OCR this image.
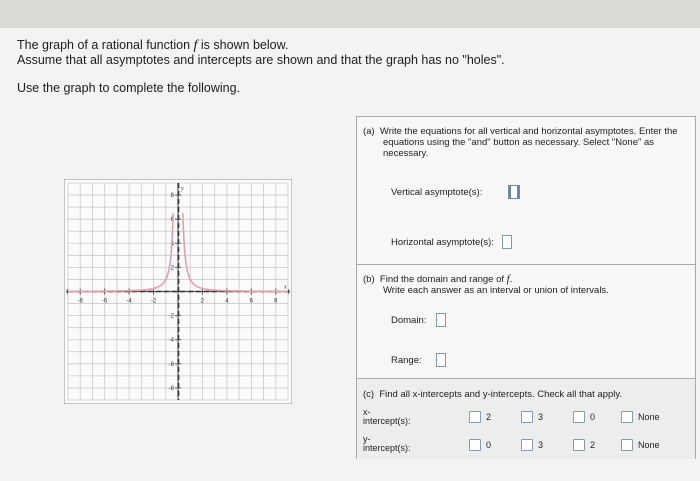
The graph of a rational function f is shown below.
Assume that all asymptotes and intercepts are shown and that the graph has no "holes".
Use the graph to complete the following.
-8	-6	-4	-2	2	4	6	8
8
6
4
2
-2
-4
-6
-8
x
y
(a) Write the equations for all vertical and horizontal asymptotes. Enter the equations using the "and" button as necessary. Select "None" as necessary.
Vertical asymptote(s):
Horizontal asymptote(s):
(b) Find the domain and range of f.
Write each answer as an interval or union of intervals.
Domain:
Range:
(c) Find all x-intercepts and y-intercepts. Check all that apply.
x-
intercept(s):	2	3	0	None
y-
intercept(s):	0	3	2	None
